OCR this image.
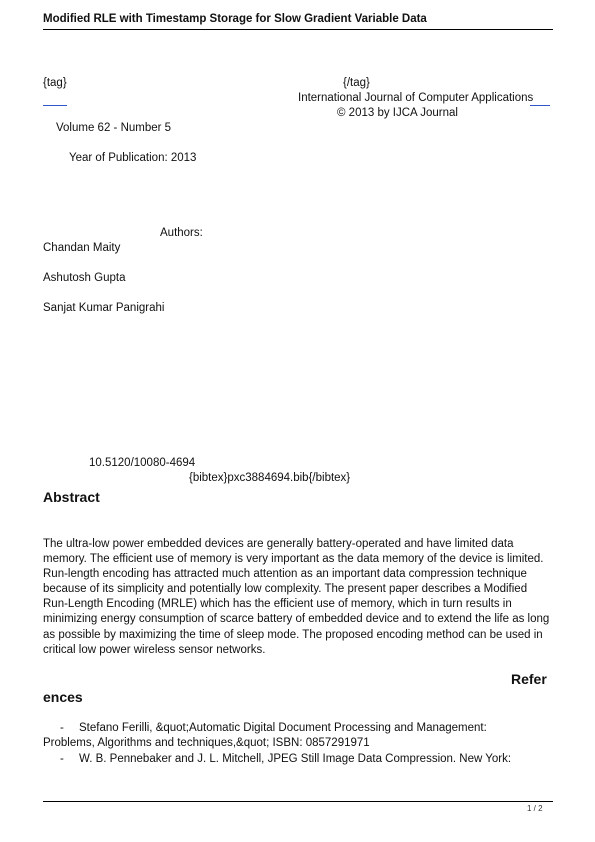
Modified RLE with Timestamp Storage for Slow Gradient Variable Data
{tag}	{/tag}
International Journal of Computer Applications
© 2013 by IJCA Journal
Volume 62 - Number 5
Year of Publication: 2013
Authors:
Chandan Maity
Ashutosh Gupta
Sanjat Kumar Panigrahi
10.5120/10080-4694
{bibtex}pxc3884694.bib{/bibtex}
Abstract
The ultra-low power embedded devices are generally battery-operated and have limited data memory. The efficient use of memory is very important as the data memory of the device is limited. Run-length encoding has attracted much attention as an important data compression technique because of its simplicity and potentially low complexity. The present paper describes a Modified Run-Length Encoding (MRLE) which has the efficient use of memory, which in turn results in minimizing energy consumption of scarce battery of embedded device and to extend the life as long as possible by maximizing the time of sleep mode. The proposed encoding method can be used in critical low power wireless sensor networks.
Refer
ences
- Stefano Ferilli, &quot;Automatic Digital Document Processing and Management:
Problems, Algorithms and techniques,&quot; ISBN: 0857291971
- W. B. Pennebaker and J. L. Mitchell, JPEG Still Image Data Compression. New York:
1 / 2
